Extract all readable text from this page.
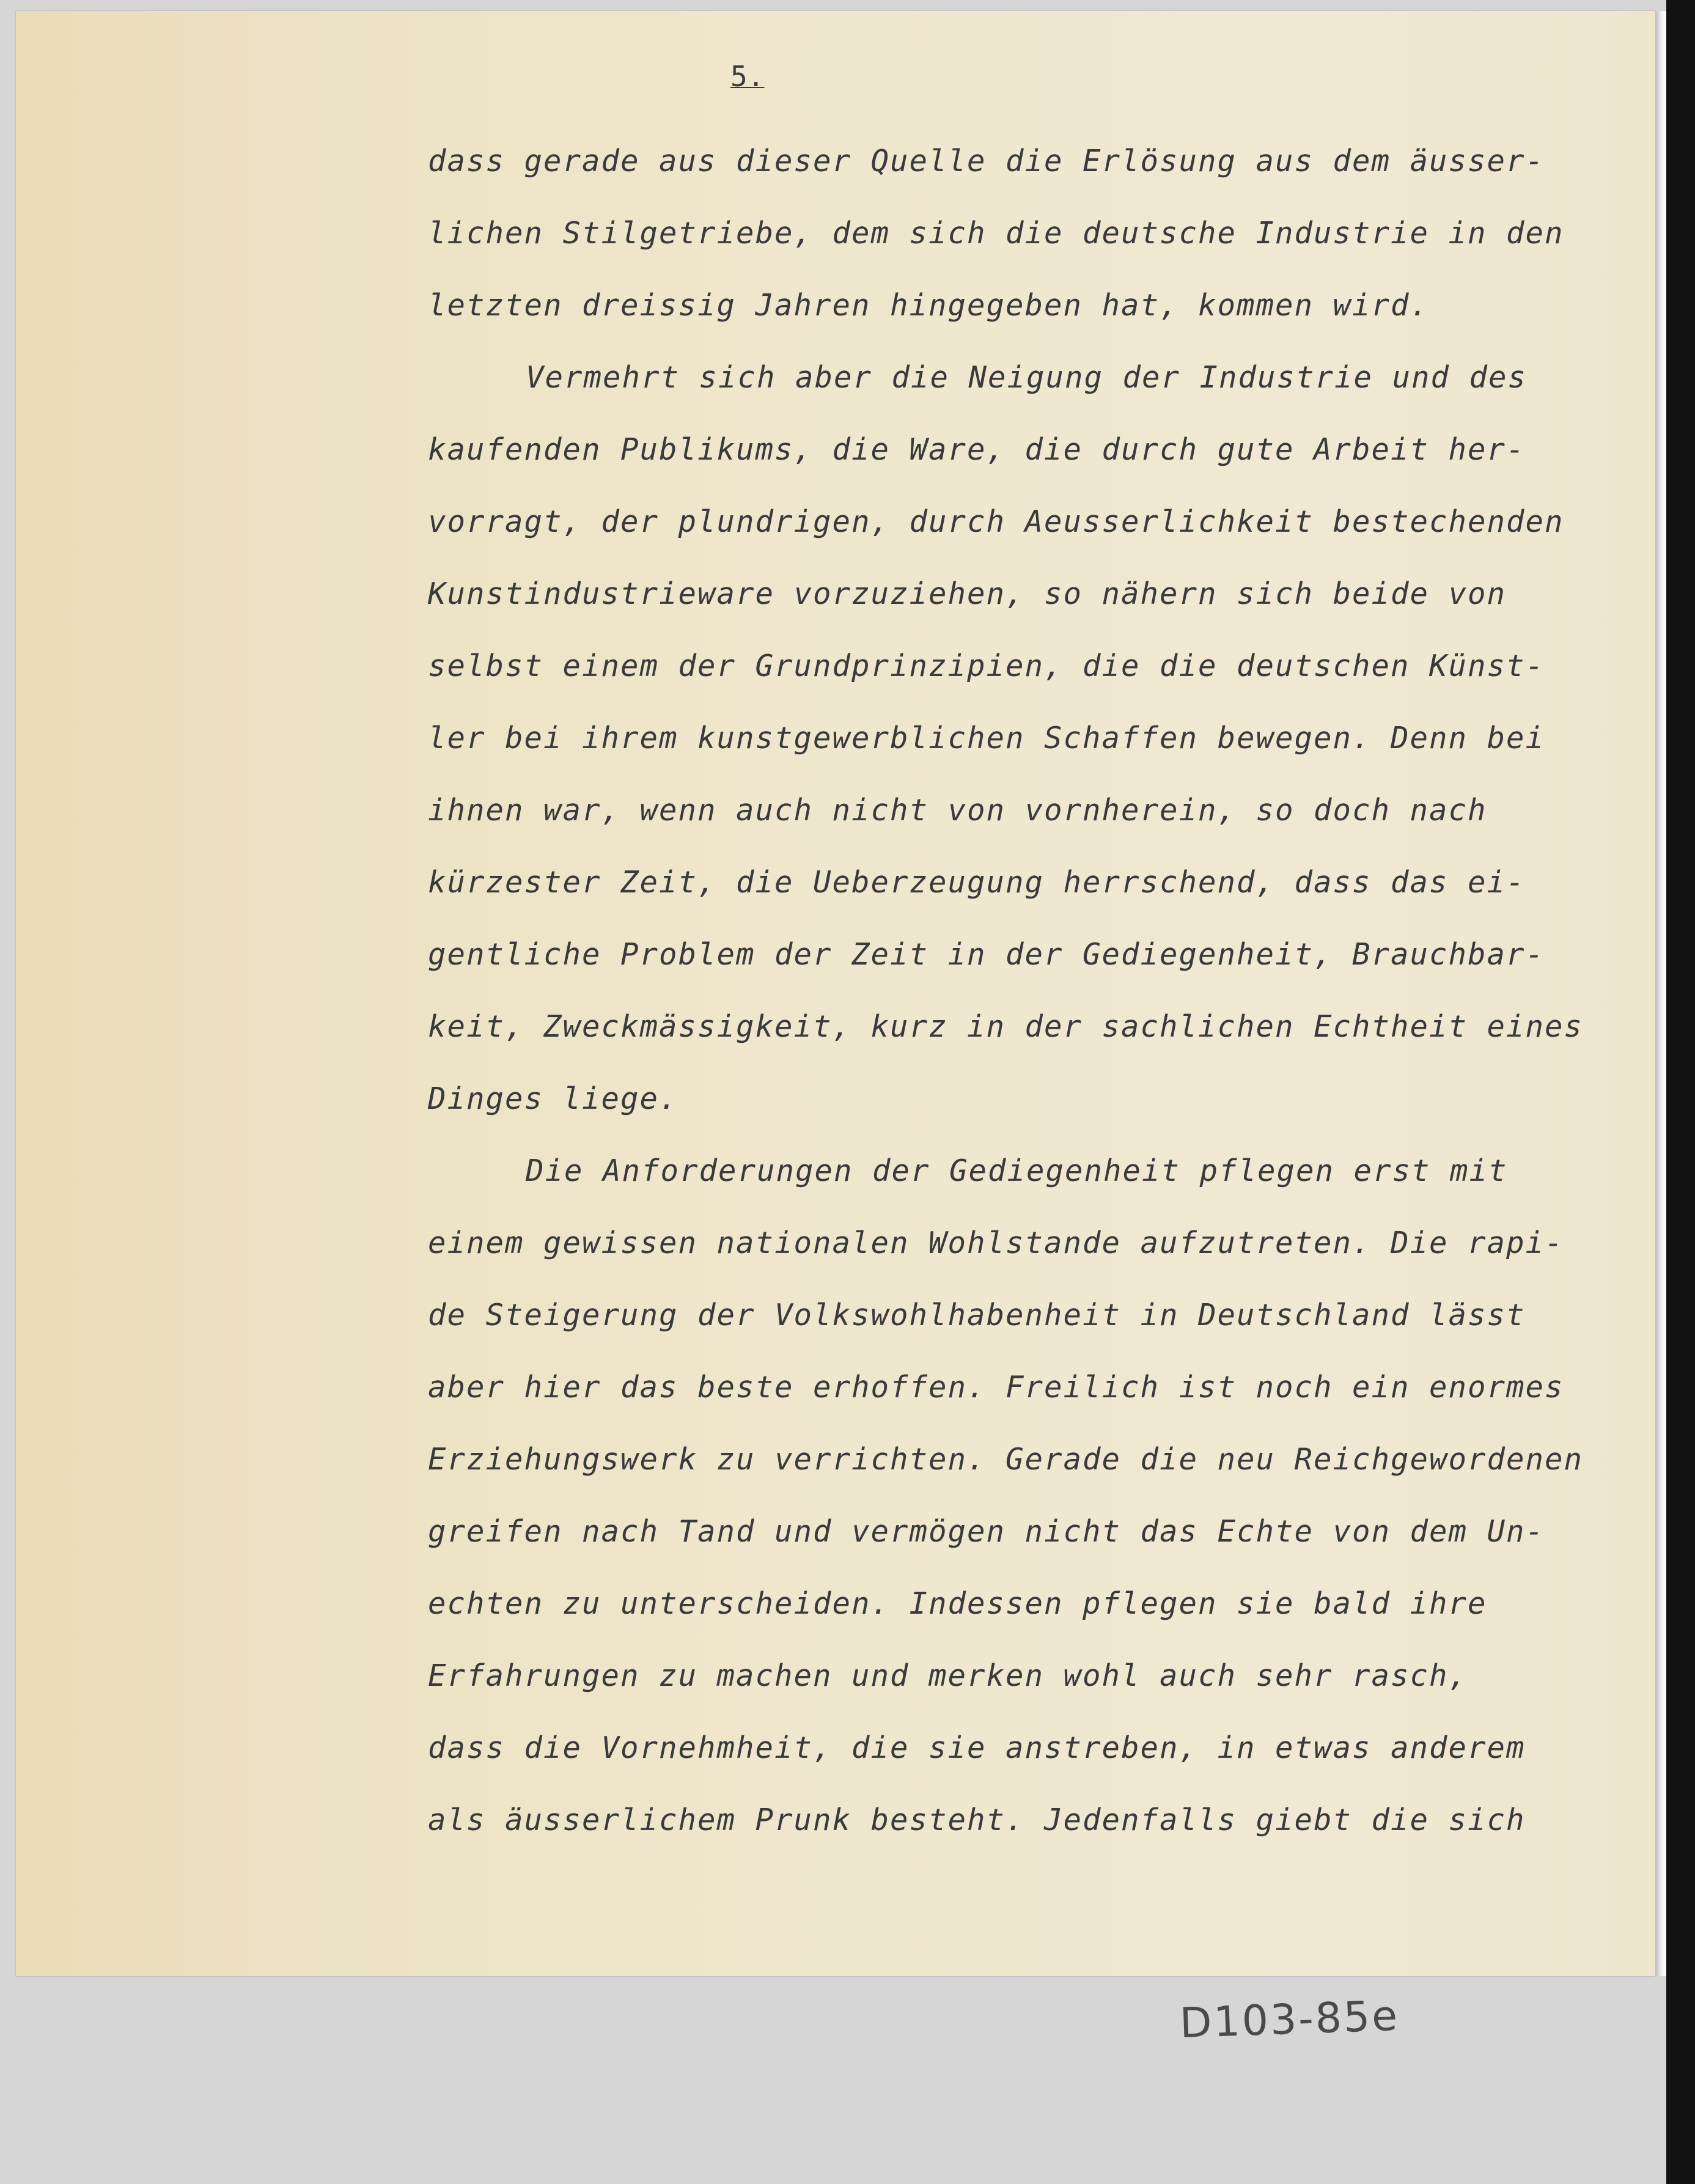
5.
dass gerade aus dieser Quelle die Erlösung aus dem äusser-
lichen Stilgetriebe, dem sich die deutsche Industrie in den
letzten dreissig Jahren hingegeben hat, kommen wird.
Vermehrt sich aber die Neigung der Industrie und des
kaufenden Publikums, die Ware, die durch gute Arbeit her-
vorragt, der plundrigen, durch Aeusserlichkeit bestechenden
Kunstindustrieware vorzuziehen, so nähern sich beide von
selbst einem der Grundprinzipien, die die deutschen Künst-
ler bei ihrem kunstgewerblichen Schaffen bewegen. Denn bei
ihnen war, wenn auch nicht von vornherein, so doch nach
kürzester Zeit, die Ueberzeugung herrschend, dass das ei-
gentliche Problem der Zeit in der Gediegenheit, Brauchbar-
keit, Zweckmässigkeit, kurz in der sachlichen Echtheit eines
Dinges liege.
Die Anforderungen der Gediegenheit pflegen erst mit
einem gewissen nationalen Wohlstande aufzutreten. Die rapi-
de Steigerung der Volkswohlhabenheit in Deutschland lässt
aber hier das beste erhoffen. Freilich ist noch ein enormes
Erziehungswerk zu verrichten. Gerade die neu Reichgewordenen
greifen nach Tand und vermögen nicht das Echte von dem Un-
echten zu unterscheiden. Indessen pflegen sie bald ihre
Erfahrungen zu machen und merken wohl auch sehr rasch,
dass die Vornehmheit, die sie anstreben, in etwas anderem
als äusserlichem Prunk besteht. Jedenfalls giebt die sich
D103-85e
